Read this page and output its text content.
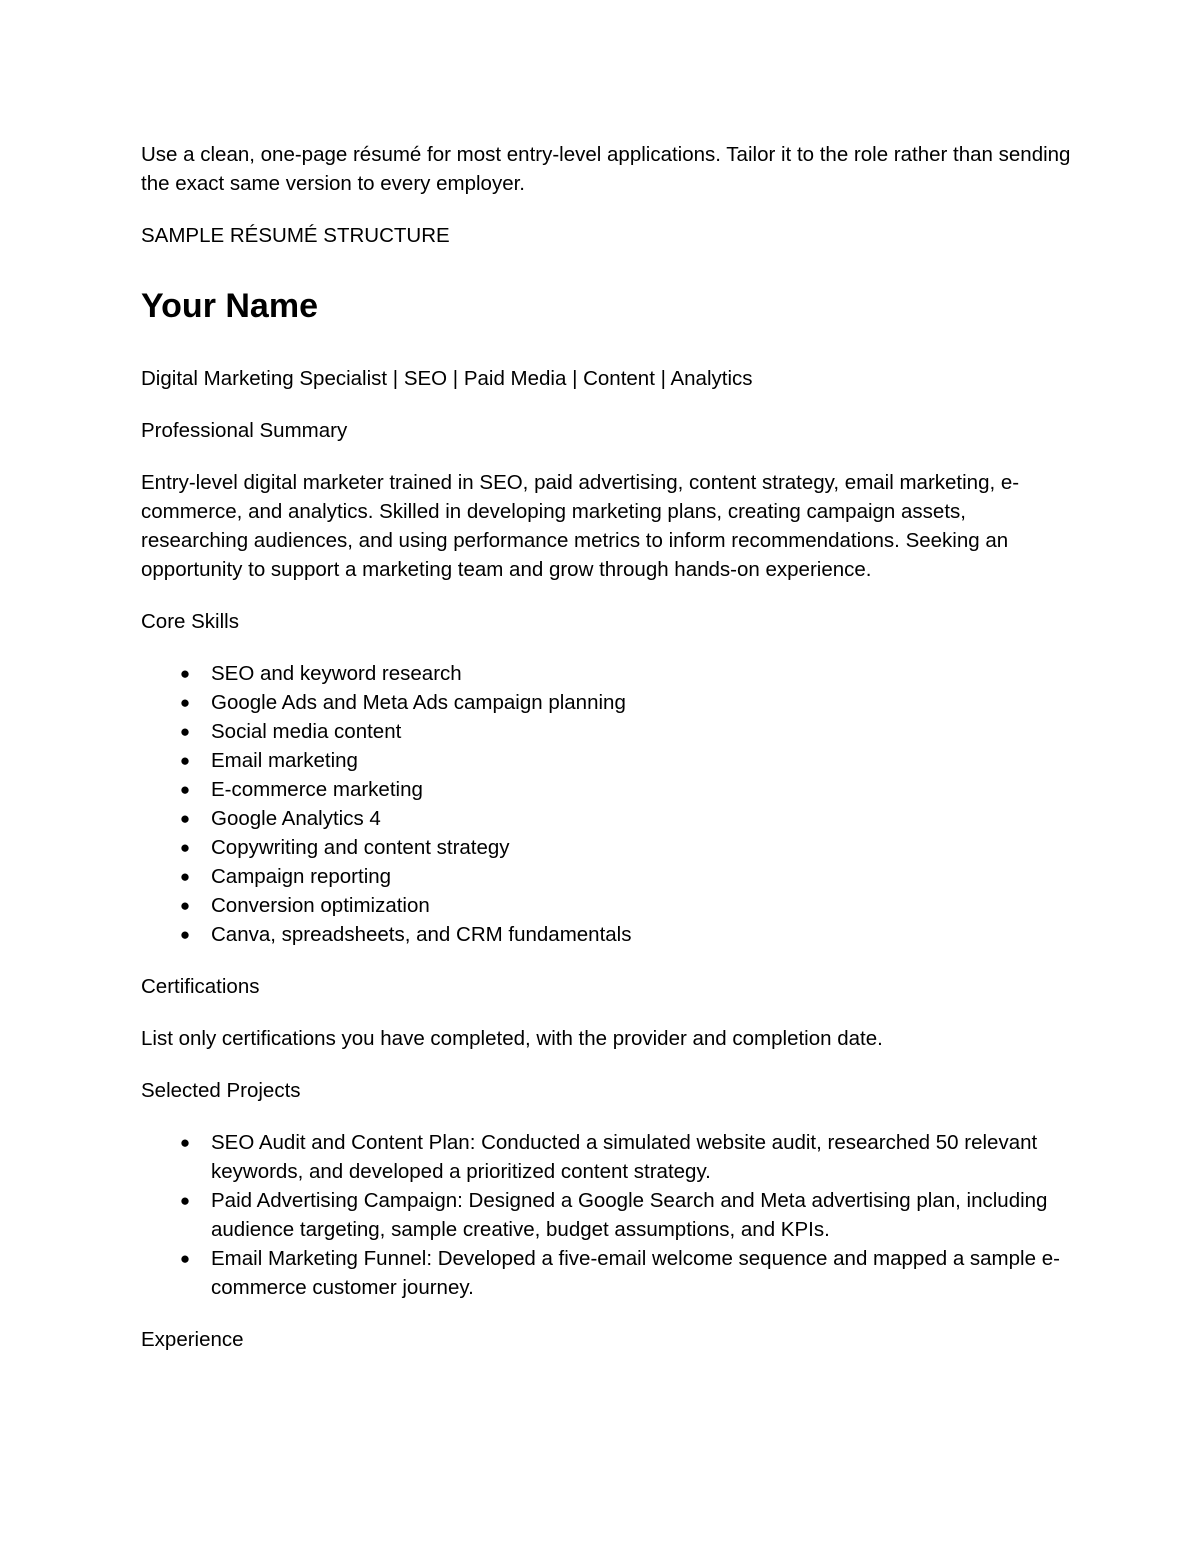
Use a clean, one-page résumé for most entry-level applications. Tailor it to the role rather than sending the exact same version to every employer.

SAMPLE RÉSUMÉ STRUCTURE

Your Name

Digital Marketing Specialist | SEO | Paid Media | Content | Analytics

Professional Summary

Entry-level digital marketer trained in SEO, paid advertising, content strategy, email marketing, e-commerce, and analytics. Skilled in developing marketing plans, creating campaign assets, researching audiences, and using performance metrics to inform recommendations. Seeking an opportunity to support a marketing team and grow through hands-on experience.

Core Skills

● SEO and keyword research
● Google Ads and Meta Ads campaign planning
● Social media content
● Email marketing
● E-commerce marketing
● Google Analytics 4
● Copywriting and content strategy
● Campaign reporting
● Conversion optimization
● Canva, spreadsheets, and CRM fundamentals

Certifications

List only certifications you have completed, with the provider and completion date.

Selected Projects

● SEO Audit and Content Plan: Conducted a simulated website audit, researched 50 relevant keywords, and developed a prioritized content strategy.
● Paid Advertising Campaign: Designed a Google Search and Meta advertising plan, including audience targeting, sample creative, budget assumptions, and KPIs.
● Email Marketing Funnel: Developed a five-email welcome sequence and mapped a sample e-commerce customer journey.

Experience
